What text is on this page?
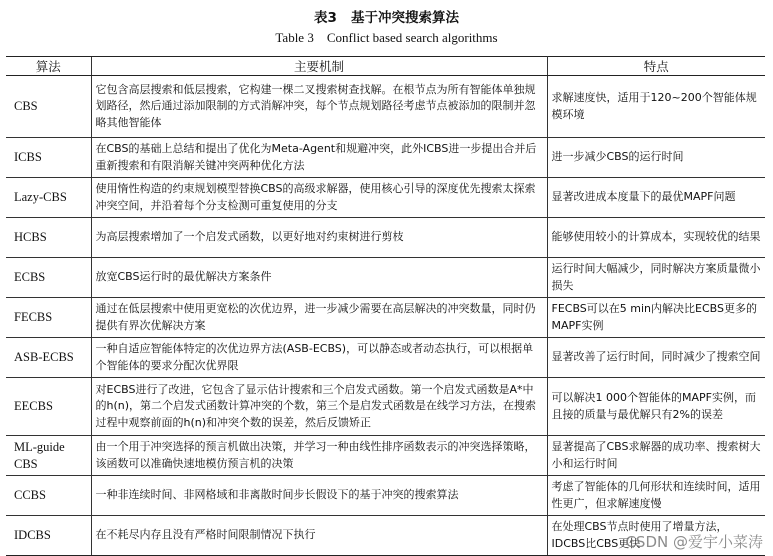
表3 基于冲突搜索算法
Table 3    Conflict based search algorithms
算法	主要机制	特点
CBS	它包含高层搜索和低层搜索，它构建一棵二叉搜索树查找解。在根节点为所有智能体单独规划路径，然后通过添加限制的方式消解冲突，每个节点规划路径考虑节点被添加的限制并忽略其他智能体	求解速度快，适用于120~200个智能体规模环境
ICBS	在CBS的基础上总结和提出了优化为Meta-Agent和规避冲突，此外ICBS进一步提出合并后重新搜索和有限消解关键冲突两种优化方法	进一步减少CBS的运行时间
Lazy-CBS	使用惰性构造的约束规划模型替换CBS的高级求解器，使用核心引导的深度优先搜索太探索冲突空间，并沿着每个分支检测可重复使用的分支	显著改进成本度量下的最优MAPF问题
HCBS	为高层搜索增加了一个启发式函数，以更好地对约束树进行剪枝	能够使用较小的计算成本，实现较优的结果
ECBS	放宽CBS运行时的最优解决方案条件	运行时间大幅减少，同时解决方案质量微小损失
FECBS	通过在低层搜索中使用更宽松的次优边界，进一步减少需要在高层解决的冲突数量，同时仍提供有界次优解决方案	FECBS可以在5 min内解决比ECBS更多的MAPF实例
ASB-ECBS	一种自适应智能体特定的次优边界方法(ASB-ECBS)，可以静态或者动态执行，可以根据单个智能体的要求分配次优界限	显著改善了运行时间，同时减少了搜索空间
EECBS	对ECBS进行了改进，它包含了显示估计搜索和三个启发式函数。第一个启发式函数是A*中的h(n)，第二个启发式函数计算冲突的个数，第三个是启发式函数是在线学习方法，在搜索过程中观察前面的h(n)和冲突个数的误差，然后反馈矫正	可以解决1 000个智能体的MAPF实例，而且接的质量与最优解只有2%的误差
ML-guide CBS	由一个用于冲突选择的预言机做出决策，并学习一种由线性排序函数表示的冲突选择策略，该函数可以准确快速地模仿预言机的决策	显著提高了CBS求解器的成功率、搜索树大小和运行时间
CCBS	一种非连续时间、非网格域和非离散时间步长假设下的基于冲突的搜索算法	考虑了智能体的几何形状和连续时间，适用性更广，但求解速度慢
IDCBS	在不耗尽内存且没有严格时间限制情况下执行	在处理CBS节点时使用了增量方法，IDCBS比CBS更快
CSDN @爱宇小菜涛
